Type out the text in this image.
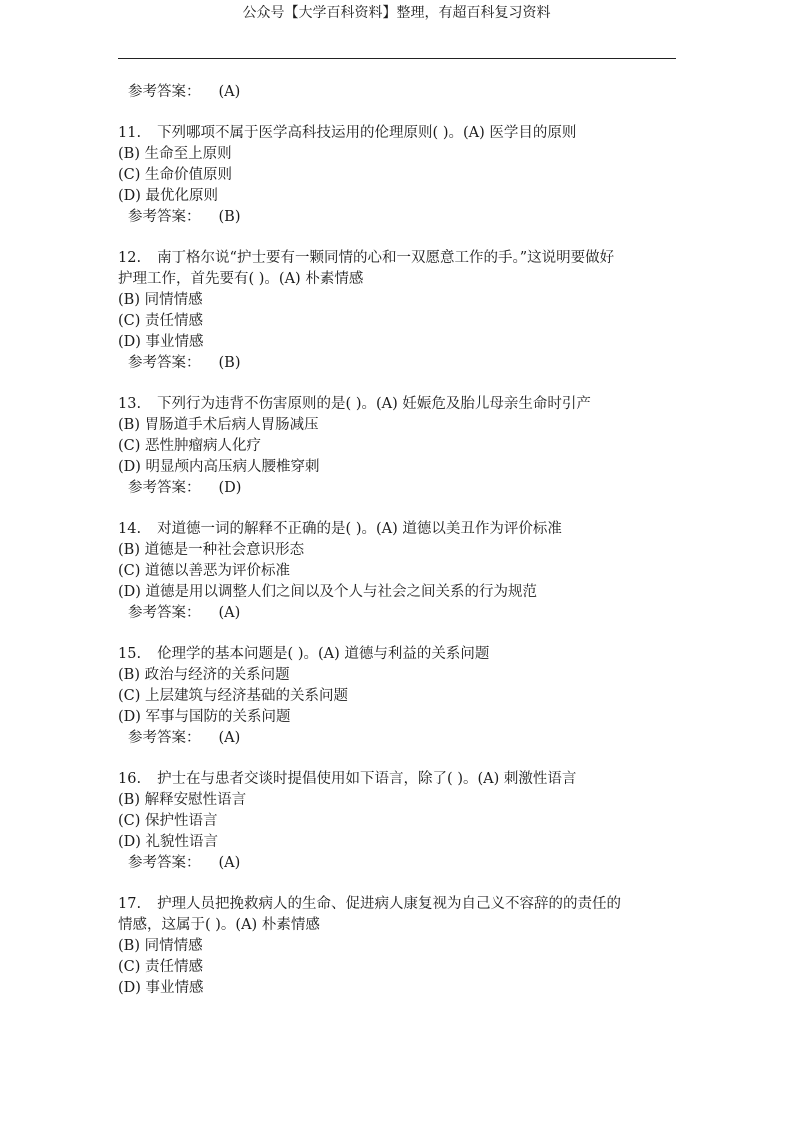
公众号【大学百科资料】整理，有超百科复习资料
参考答案： (A)
11. 下列哪项不属于医学高科技运用的伦理原则( )。(A) 医学目的原则
(B) 生命至上原则
(C) 生命价值原则
(D) 最优化原则
参考答案： (B)
12. 南丁格尔说“护士要有一颗同情的心和一双愿意工作的手。”这说明要做好
护理工作，首先要有( )。(A) 朴素情感
(B) 同情情感
(C) 责任情感
(D) 事业情感
参考答案： (B)
13. 下列行为违背不伤害原则的是( )。(A) 妊娠危及胎儿母亲生命时引产
(B) 胃肠道手术后病人胃肠减压
(C) 恶性肿瘤病人化疗
(D) 明显颅内高压病人腰椎穿刺
参考答案： (D)
14. 对道德一词的解释不正确的是( )。(A) 道德以美丑作为评价标准
(B) 道德是一种社会意识形态
(C) 道德以善恶为评价标准
(D) 道德是用以调整人们之间以及个人与社会之间关系的行为规范
参考答案： (A)
15. 伦理学的基本问题是( )。(A) 道德与利益的关系问题
(B) 政治与经济的关系问题
(C) 上层建筑与经济基础的关系问题
(D) 军事与国防的关系问题
参考答案： (A)
16. 护士在与患者交谈时提倡使用如下语言，除了( )。(A) 刺激性语言
(B) 解释安慰性语言
(C) 保护性语言
(D) 礼貌性语言
参考答案： (A)
17. 护理人员把挽救病人的生命、促进病人康复视为自己义不容辞的的责任的
情感，这属于( )。(A) 朴素情感
(B) 同情情感
(C) 责任情感
(D) 事业情感
